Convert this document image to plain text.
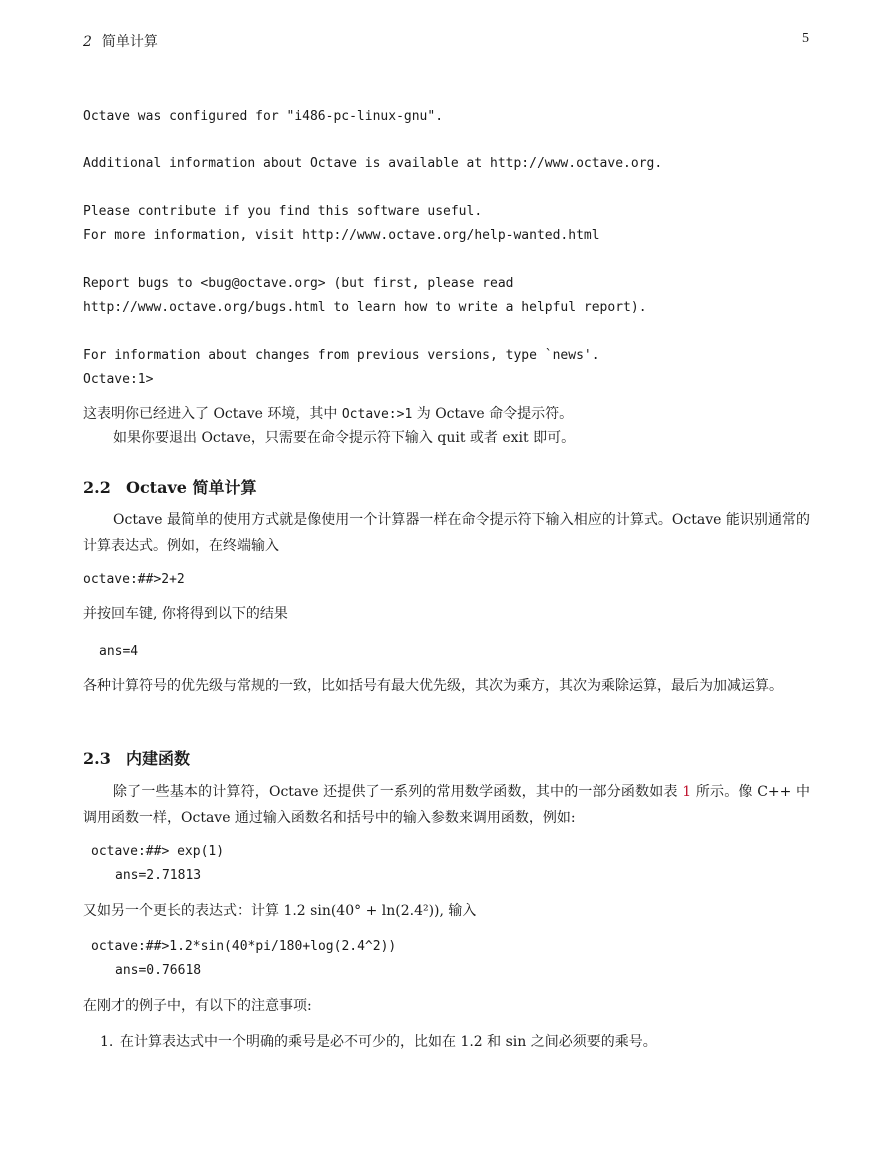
2 简单计算	5
Octave was configured for "i486-pc-linux-gnu".
Additional information about Octave is available at http://www.octave.org.
Please contribute if you find this software useful.
For more information, visit http://www.octave.org/help-wanted.html
Report bugs to <bug@octave.org> (but first, please read
http://www.octave.org/bugs.html to learn how to write a helpful report).
For information about changes from previous versions, type `news'.
Octave:1>
这表明你已经进入了 Octave 环境，其中 Octave:>1 为 Octave 命令提示符。
如果你要退出 Octave，只需要在命令提示符下输入 quit 或者 exit 即可。
2.2 Octave 简单计算
Octave 最简单的使用方式就是像使用一个计算器一样在命令提示符下输入相应的计算式。Octave 能识别通常的计算表达式。例如，在终端输入
octave:##>2+2
并按回车键, 你将得到以下的结果
ans=4
各种计算符号的优先级与常规的一致，比如括号有最大优先级，其次为乘方，其次为乘除运算，最后为加减运算。
2.3 内建函数
除了一些基本的计算符，Octave 还提供了一系列的常用数学函数，其中的一部分函数如表 1 所示。像 C++ 中调用函数一样，Octave 通过输入函数名和括号中的输入参数来调用函数，例如:
octave:##> exp(1)
ans=2.71813
又如另一个更长的表达式：计算 1.2 sin(40° + ln(2.4²)), 输入
octave:##>1.2*sin(40*pi/180+log(2.4^2))
ans=0.76618
在刚才的例子中，有以下的注意事项:
1. 在计算表达式中一个明确的乘号是必不可少的，比如在 1.2 和 sin 之间必须要的乘号。
